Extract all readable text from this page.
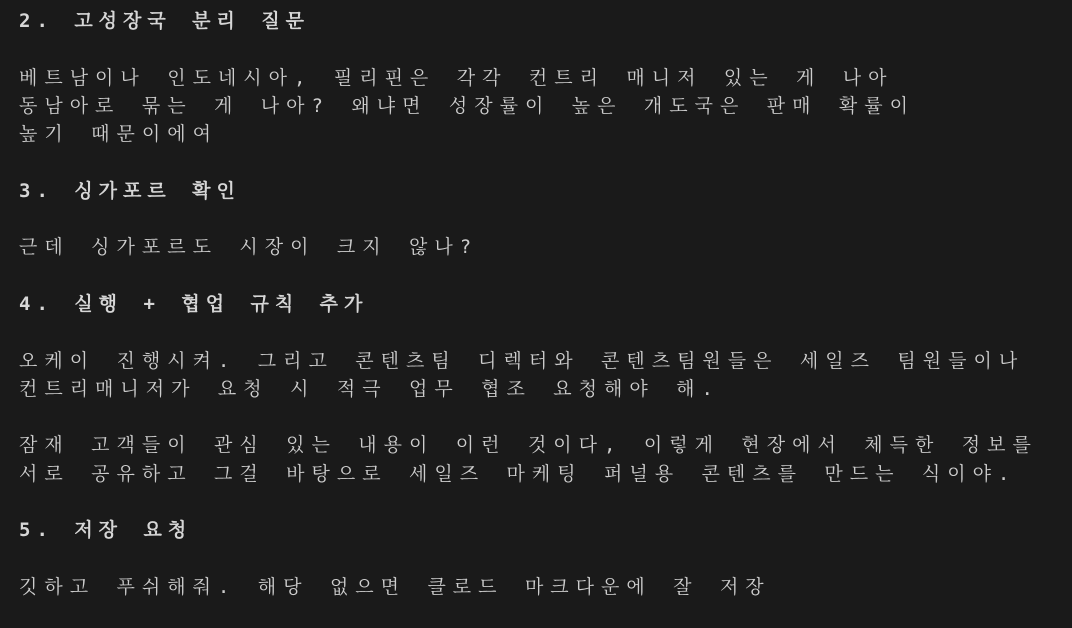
2. 고성장국 분리 질문
베트남이나 인도네시아, 필리핀은 각각 컨트리 매니저 있는 게 나아
동남아로 묶는 게 나아? 왜냐면 성장률이 높은 개도국은 판매 확률이
높기 때문이에여
3. 싱가포르 확인
근데 싱가포르도 시장이 크지 않나?
4. 실행 + 협업 규칙 추가
오케이 진행시켜. 그리고 콘텐츠팀 디렉터와 콘텐츠팀원들은 세일즈 팀원들이나
컨트리매니저가 요청 시 적극 업무 협조 요청해야 해.
잠재 고객들이 관심 있는 내용이 이런 것이다, 이렇게 현장에서 체득한 정보를
서로 공유하고 그걸 바탕으로 세일즈 마케팅 퍼널용 콘텐츠를 만드는 식이야.
5. 저장 요청
깃하고 푸쉬해줘. 해당 없으면 클로드 마크다운에 잘 저장
